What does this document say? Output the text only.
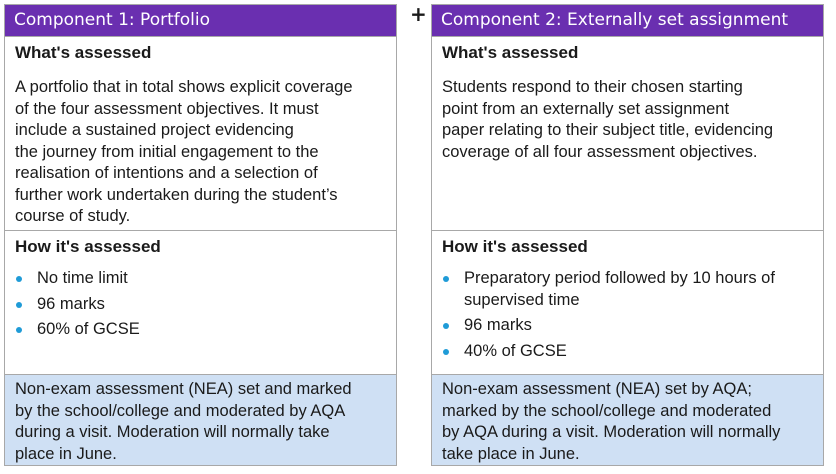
Component 1: Portfolio
What's assessed
A portfolio that in total shows explicit coverage
of the four assessment objectives. It must
include a sustained project evidencing
the journey from initial engagement to the
realisation of intentions and a selection of
further work undertaken during the student’s
course of study.
How it's assessed
No time limit
96 marks
60% of GCSE
Non-exam assessment (NEA) set and marked
by the school/college and moderated by AQA
during a visit. Moderation will normally take
place in June.
+ Component 2: Externally set assignment
What's assessed
Students respond to their chosen starting
point from an externally set assignment
paper relating to their subject title, evidencing
coverage of all four assessment objectives.
How it's assessed
Preparatory period followed by 10 hours of
supervised time
96 marks
40% of GCSE
Non-exam assessment (NEA) set by AQA;
marked by the school/college and moderated
by AQA during a visit. Moderation will normally
take place in June.
